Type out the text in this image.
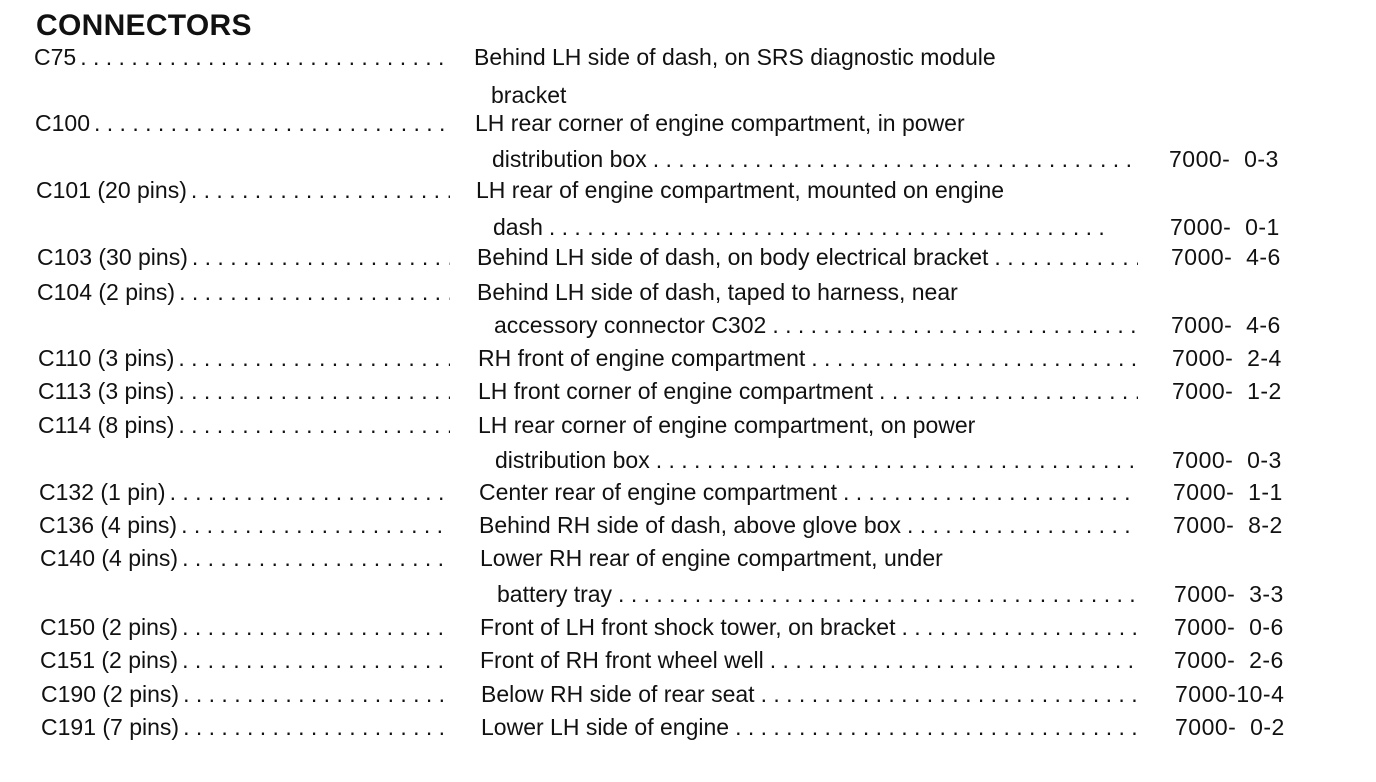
CONNECTORS
C75 . . .	Behind LH side of dash, on SRS diagnostic module
bracket
C100 . . .	LH rear corner of engine compartment, in power
distribution box . . .	7000-  0-3
C101 (20 pins) . . .	LH rear of engine compartment, mounted on engine
dash . . .	7000-  0-1
C103 (30 pins) . . .	Behind LH side of dash, on body electrical bracket . . .	7000-  4-6
C104 (2 pins) . . .	Behind LH side of dash, taped to harness, near
accessory connector C302 . . .	7000-  4-6
C110 (3 pins) . . .	RH front of engine compartment . . .	7000-  2-4
C113 (3 pins) . . .	LH front corner of engine compartment . . .	7000-  1-2
C114 (8 pins) . . .	LH rear corner of engine compartment, on power
distribution box . . .	7000-  0-3
C132 (1 pin) . . .	Center rear of engine compartment . . .	7000-  1-1
C136 (4 pins) . . .	Behind RH side of dash, above glove box . . .	7000-  8-2
C140 (4 pins) . . .	Lower RH rear of engine compartment, under
battery tray . . .	7000-  3-3
C150 (2 pins) . . .	Front of LH front shock tower, on bracket . . .	7000-  0-6
C151 (2 pins) . . .	Front of RH front wheel well . . .	7000-  2-6
C190 (2 pins) . . .	Below RH side of rear seat . . .	7000-10-4
C191 (7 pins) . . .	Lower LH side of engine . . .	7000-  0-2
